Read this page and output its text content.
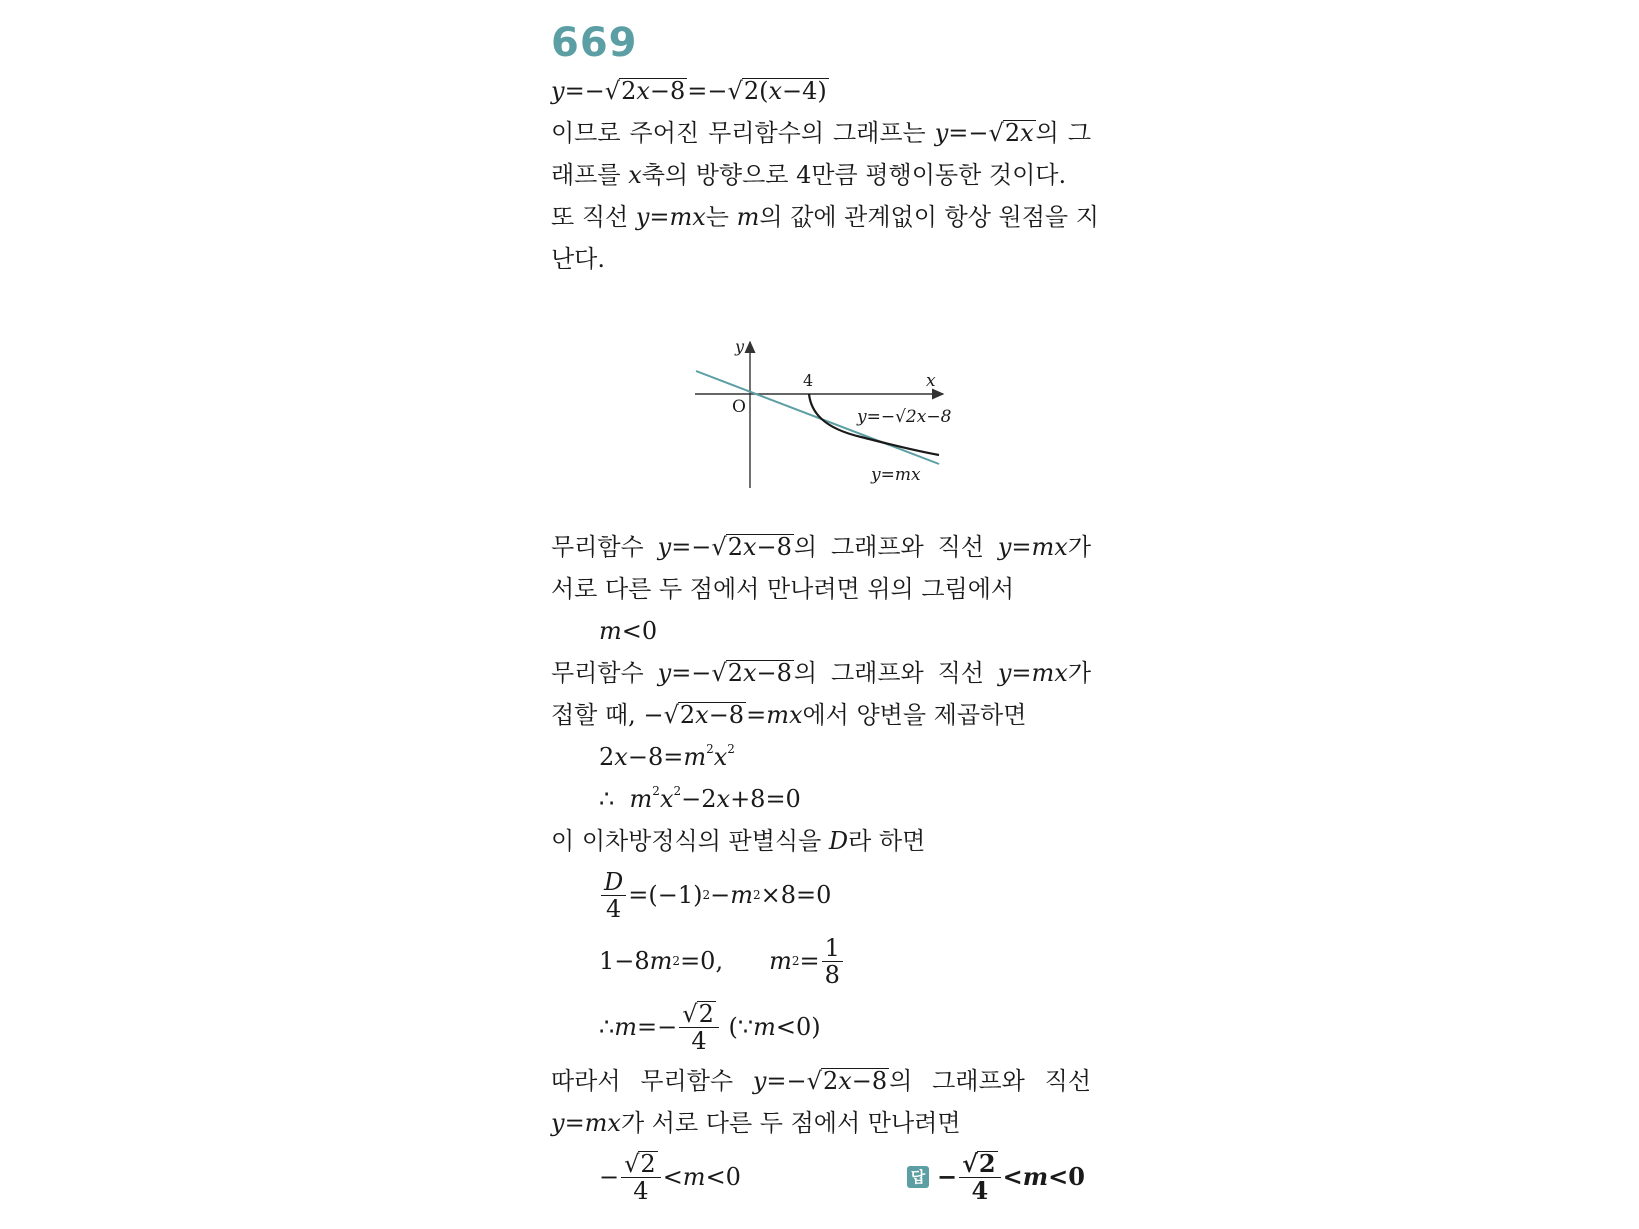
669
y=−√2x−8=−√2(x−4)
이므로 주어진 무리함수의 그래프는 y=−√2x의 그
래프를 x축의 방향으로 4만큼 평행이동한 것이다.
또 직선 y=mx는 m의 값에 관계없이 항상 원점을 지
난다.
y
x
O
4
y=−√2x−8
y=mx
무리함수 y=−√2x−8의 그래프와 직선 y=mx가
서로 다른 두 점에서 만나려면 위의 그림에서
m<0
무리함수 y=−√2x−8의 그래프와 직선 y=mx가
접할 때, −√2x−8=mx에서 양변을 제곱하면
$2x-8=m^2x^2$
∴  $m^2x^2-2x+8=0$
이 이차방정식의 판별식을 D라 하면
$\frac{D}{4} =(-1) 2 - m$ 2 ×8=0
1−8 m 2 =0, m $2 = \frac{1}{8}$
∴ $m =- \frac{√2}{4}$ (∵ m <0)
따라서 무리함수 y=−√2x−8의 그래프와 직선
y=mx가 서로 다른 두 점에서 만나려면
− $\frac{√2}{4} < m <0$	답 − $\frac{√2}{4} < m <0$
